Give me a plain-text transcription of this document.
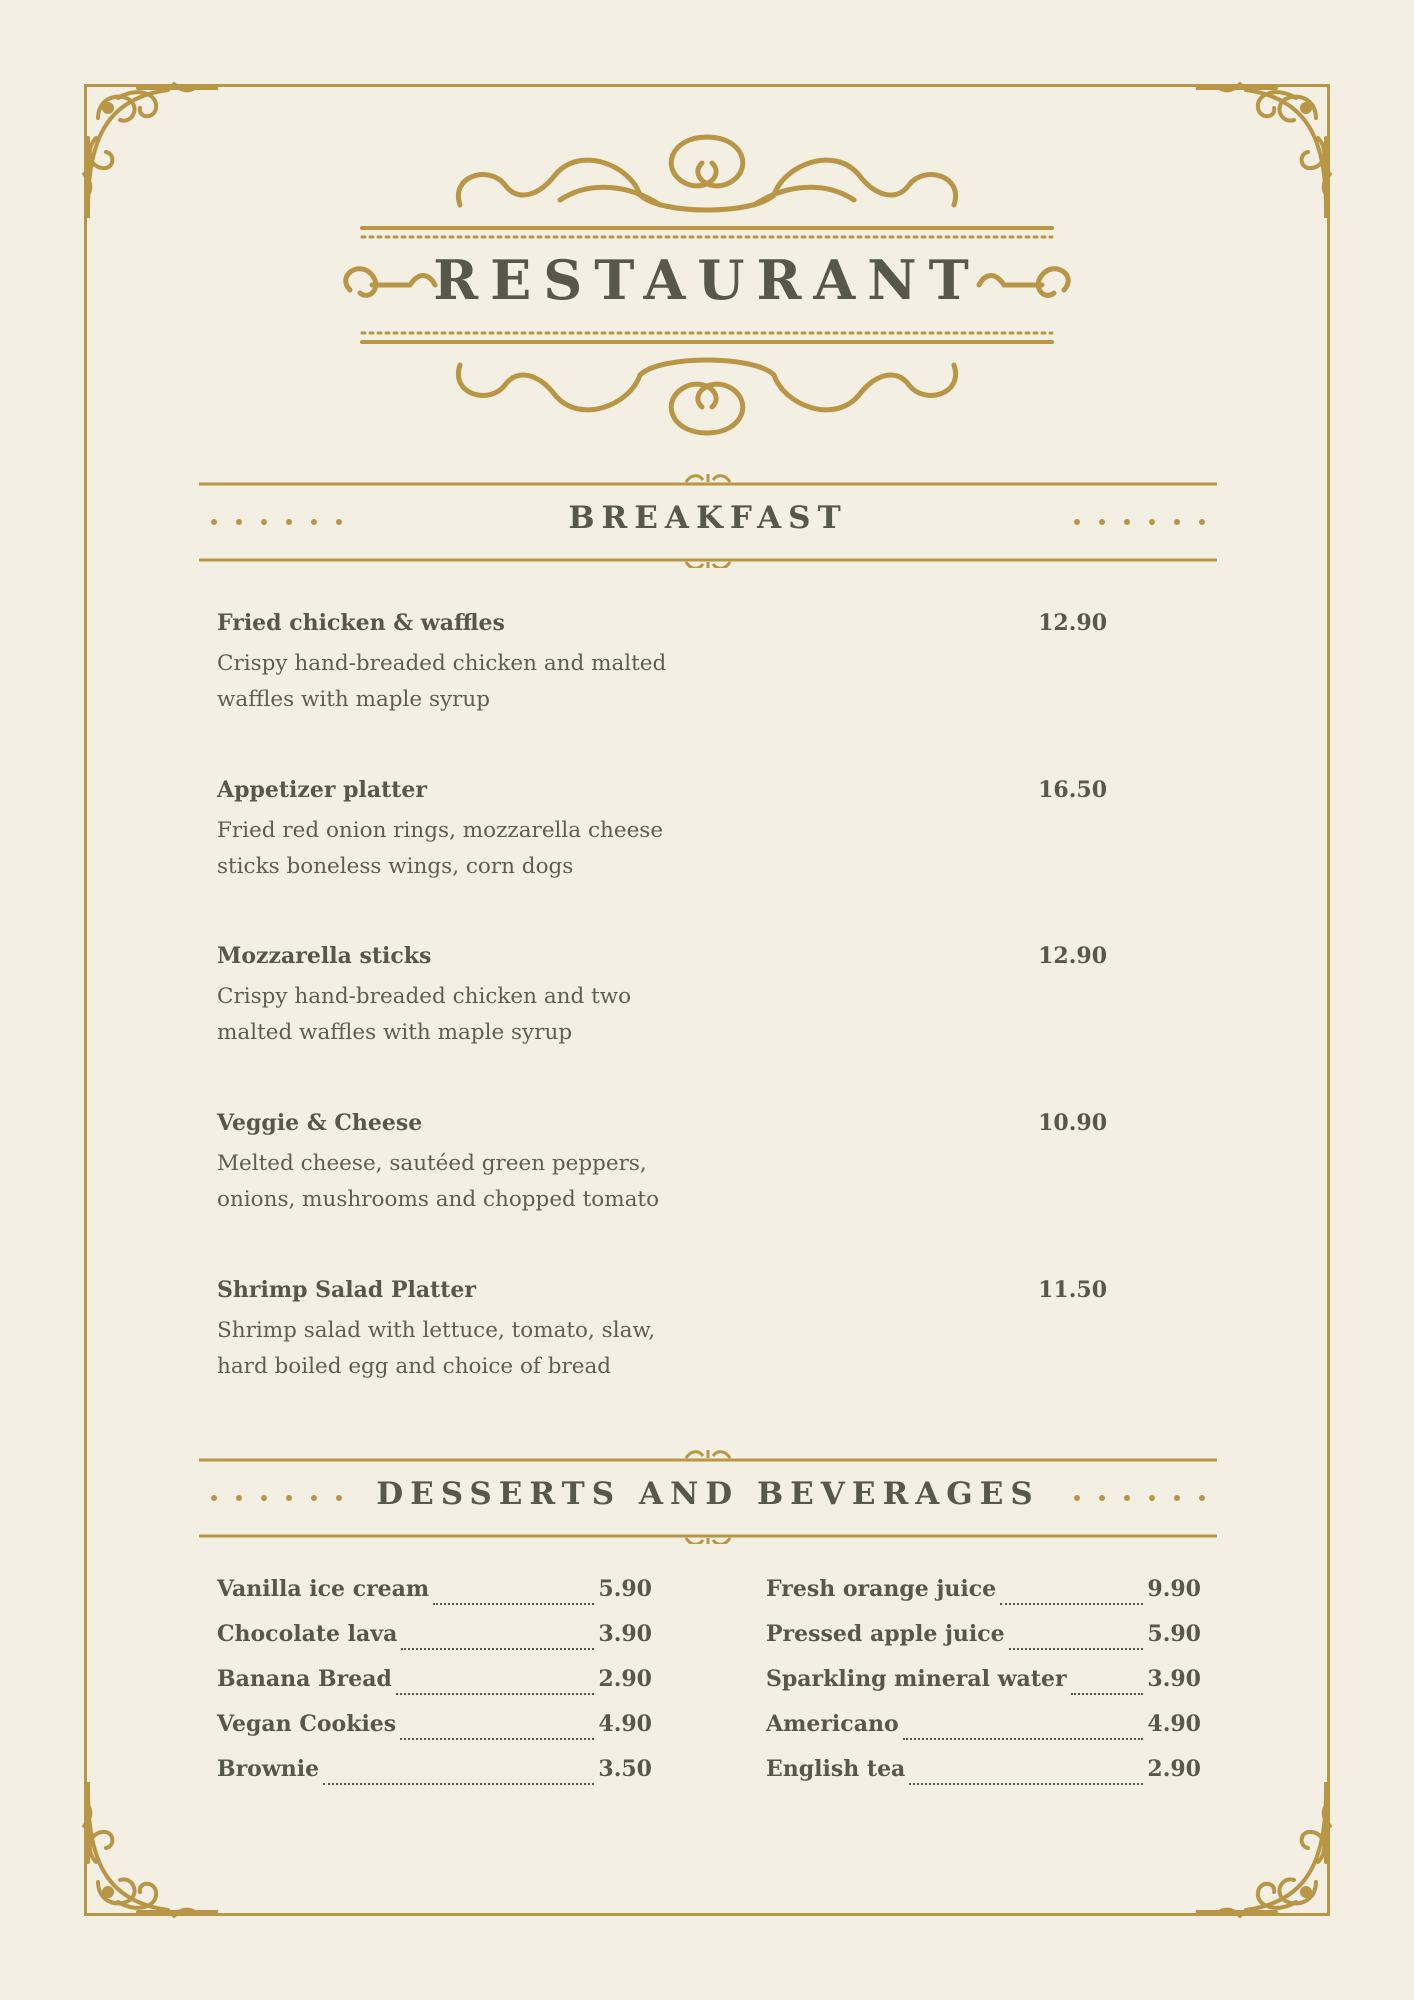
RESTAURANT
BREAKFAST
Fried chicken & waffles	12.90
Crispy hand-breaded chicken and malted waffles with maple syrup
Appetizer platter	16.50
Fried red onion rings, mozzarella cheese sticks boneless wings, corn dogs
Mozzarella sticks	12.90
Crispy hand-breaded chicken and two malted waffles with maple syrup
Veggie & Cheese	10.90
Melted cheese, sautéed green peppers, onions, mushrooms and chopped tomato
Shrimp Salad Platter	11.50
Shrimp salad with lettuce, tomato, slaw, hard boiled egg and choice of bread
DESSERTS AND BEVERAGES
Vanilla ice cream	5.90
Chocolate lava	3.90
Banana Bread	2.90
Vegan Cookies	4.90
Brownie	3.50
Fresh orange juice	9.90
Pressed apple juice	5.90
Sparkling mineral water	3.90
Americano	4.90
English tea	2.90
